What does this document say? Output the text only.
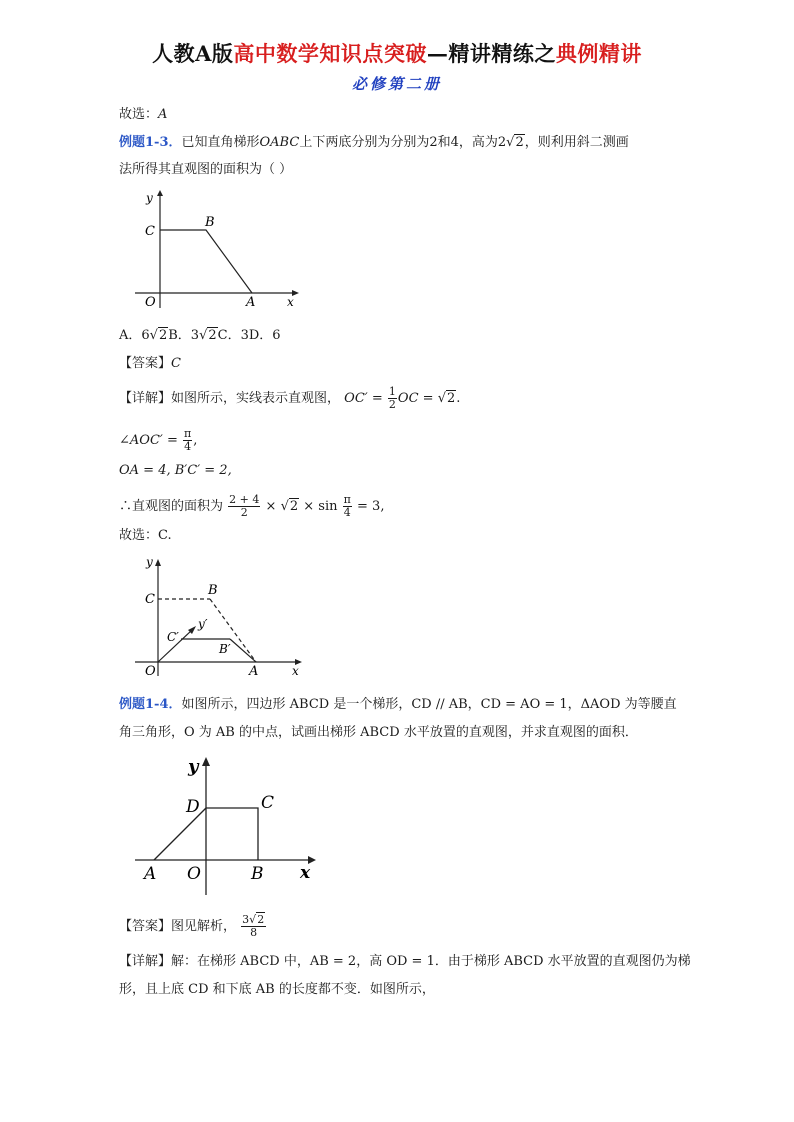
人教A版高中数学知识点突破—精讲精练之典例精讲
必修第二册
故选：A
例题1-3．已知直角梯形OABC上下两底分别为分别为2和4，高为2√2，则利用斜二测画
法所得其直观图的面积为（ ）
y
x
C
B
O	A
A．6√2B．3√2C．3D．6
【答案】C
【详解】如图所示，实线表示直观图， $OC' = \frac{1}{2}$ OC = √2.
∠AOC′ = $\frac{\pi}{4}$ ,
OA = 4, B′C′ = 2,
∴直观图的面积为 $\frac{2 + 4}{2} \times √2 \times \sin \frac{\pi}{4} = 3$,
故选：C.
y
x
C
B
C′
y′
B′
O	A
例题1-4．如图所示，四边形 ABCD 是一个梯形，CD // AB，CD = AO = 1，ΔAOD 为等腰直
角三角形，O 为 AB 的中点，试画出梯形 ABCD 水平放置的直观图，并求直观图的面积．
y
x
D	C
A O	B
【答案】图见解析， $\frac{3√2}{8}$
【详解】解：在梯形 ABCD 中，AB = 2，高 OD = 1．由于梯形 ABCD 水平放置的直观图仍为梯
形，且上底 CD 和下底 AB 的长度都不变．如图所示，
